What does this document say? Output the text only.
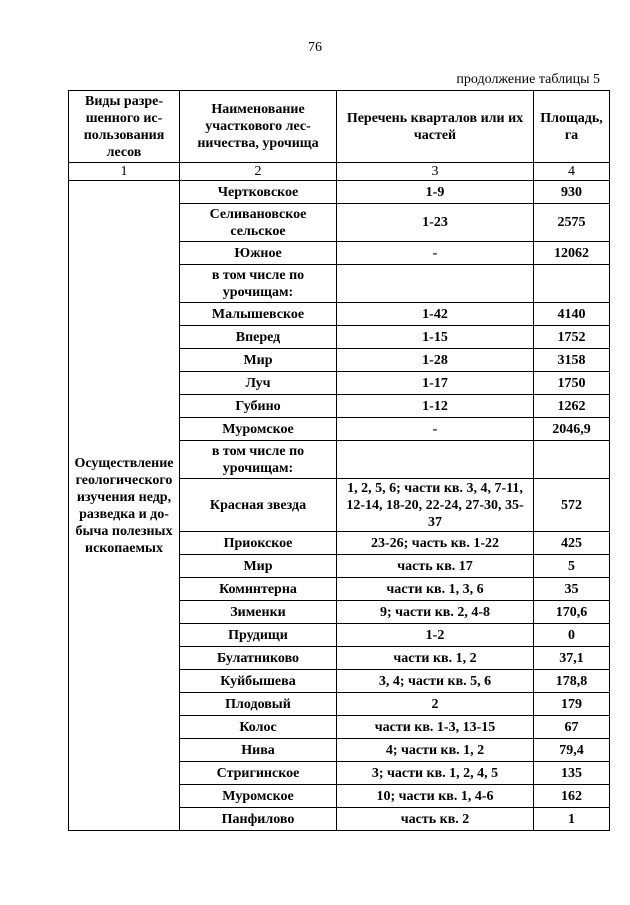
76
продолжение таблицы 5
Виды разре-шенного ис-пользования лесов	Наименование участкового лес-ничества, урочища	Перечень кварталов или их частей	Площадь, га
1	2	3	4
Осуществление геологического изучения недр, разведка и до-быча полезных ископаемых	Чертковское	1-9	930
	Селивановское сельское	1-23	2575
	Южное	-	12062
	в том числе по урочищам:		
	Малышевское	1-42	4140
	Вперед	1-15	1752
	Мир	1-28	3158
	Луч	1-17	1750
	Губино	1-12	1262
	Муромское	-	2046,9
	в том числе по урочищам:		
	Красная звезда	1, 2, 5, 6; части кв. 3, 4, 7-11, 12-14, 18-20, 22-24, 27-30, 35-37	572
	Приокское	23-26; часть кв. 1-22	425
	Мир	часть кв. 17	5
	Коминтерна	части кв. 1, 3, 6	35
	Зименки	9; части кв. 2, 4-8	170,6
	Прудищи	1-2	0
	Булатниково	части кв. 1, 2	37,1
	Куйбышева	3, 4; части кв. 5, 6	178,8
	Плодовый	2	179
	Колос	части кв. 1-3, 13-15	67
	Нива	4; части кв. 1, 2	79,4
	Стригинское	3; части кв. 1, 2, 4, 5	135
	Муромское	10; части кв. 1, 4-6	162
	Панфилово	часть кв. 2	1
